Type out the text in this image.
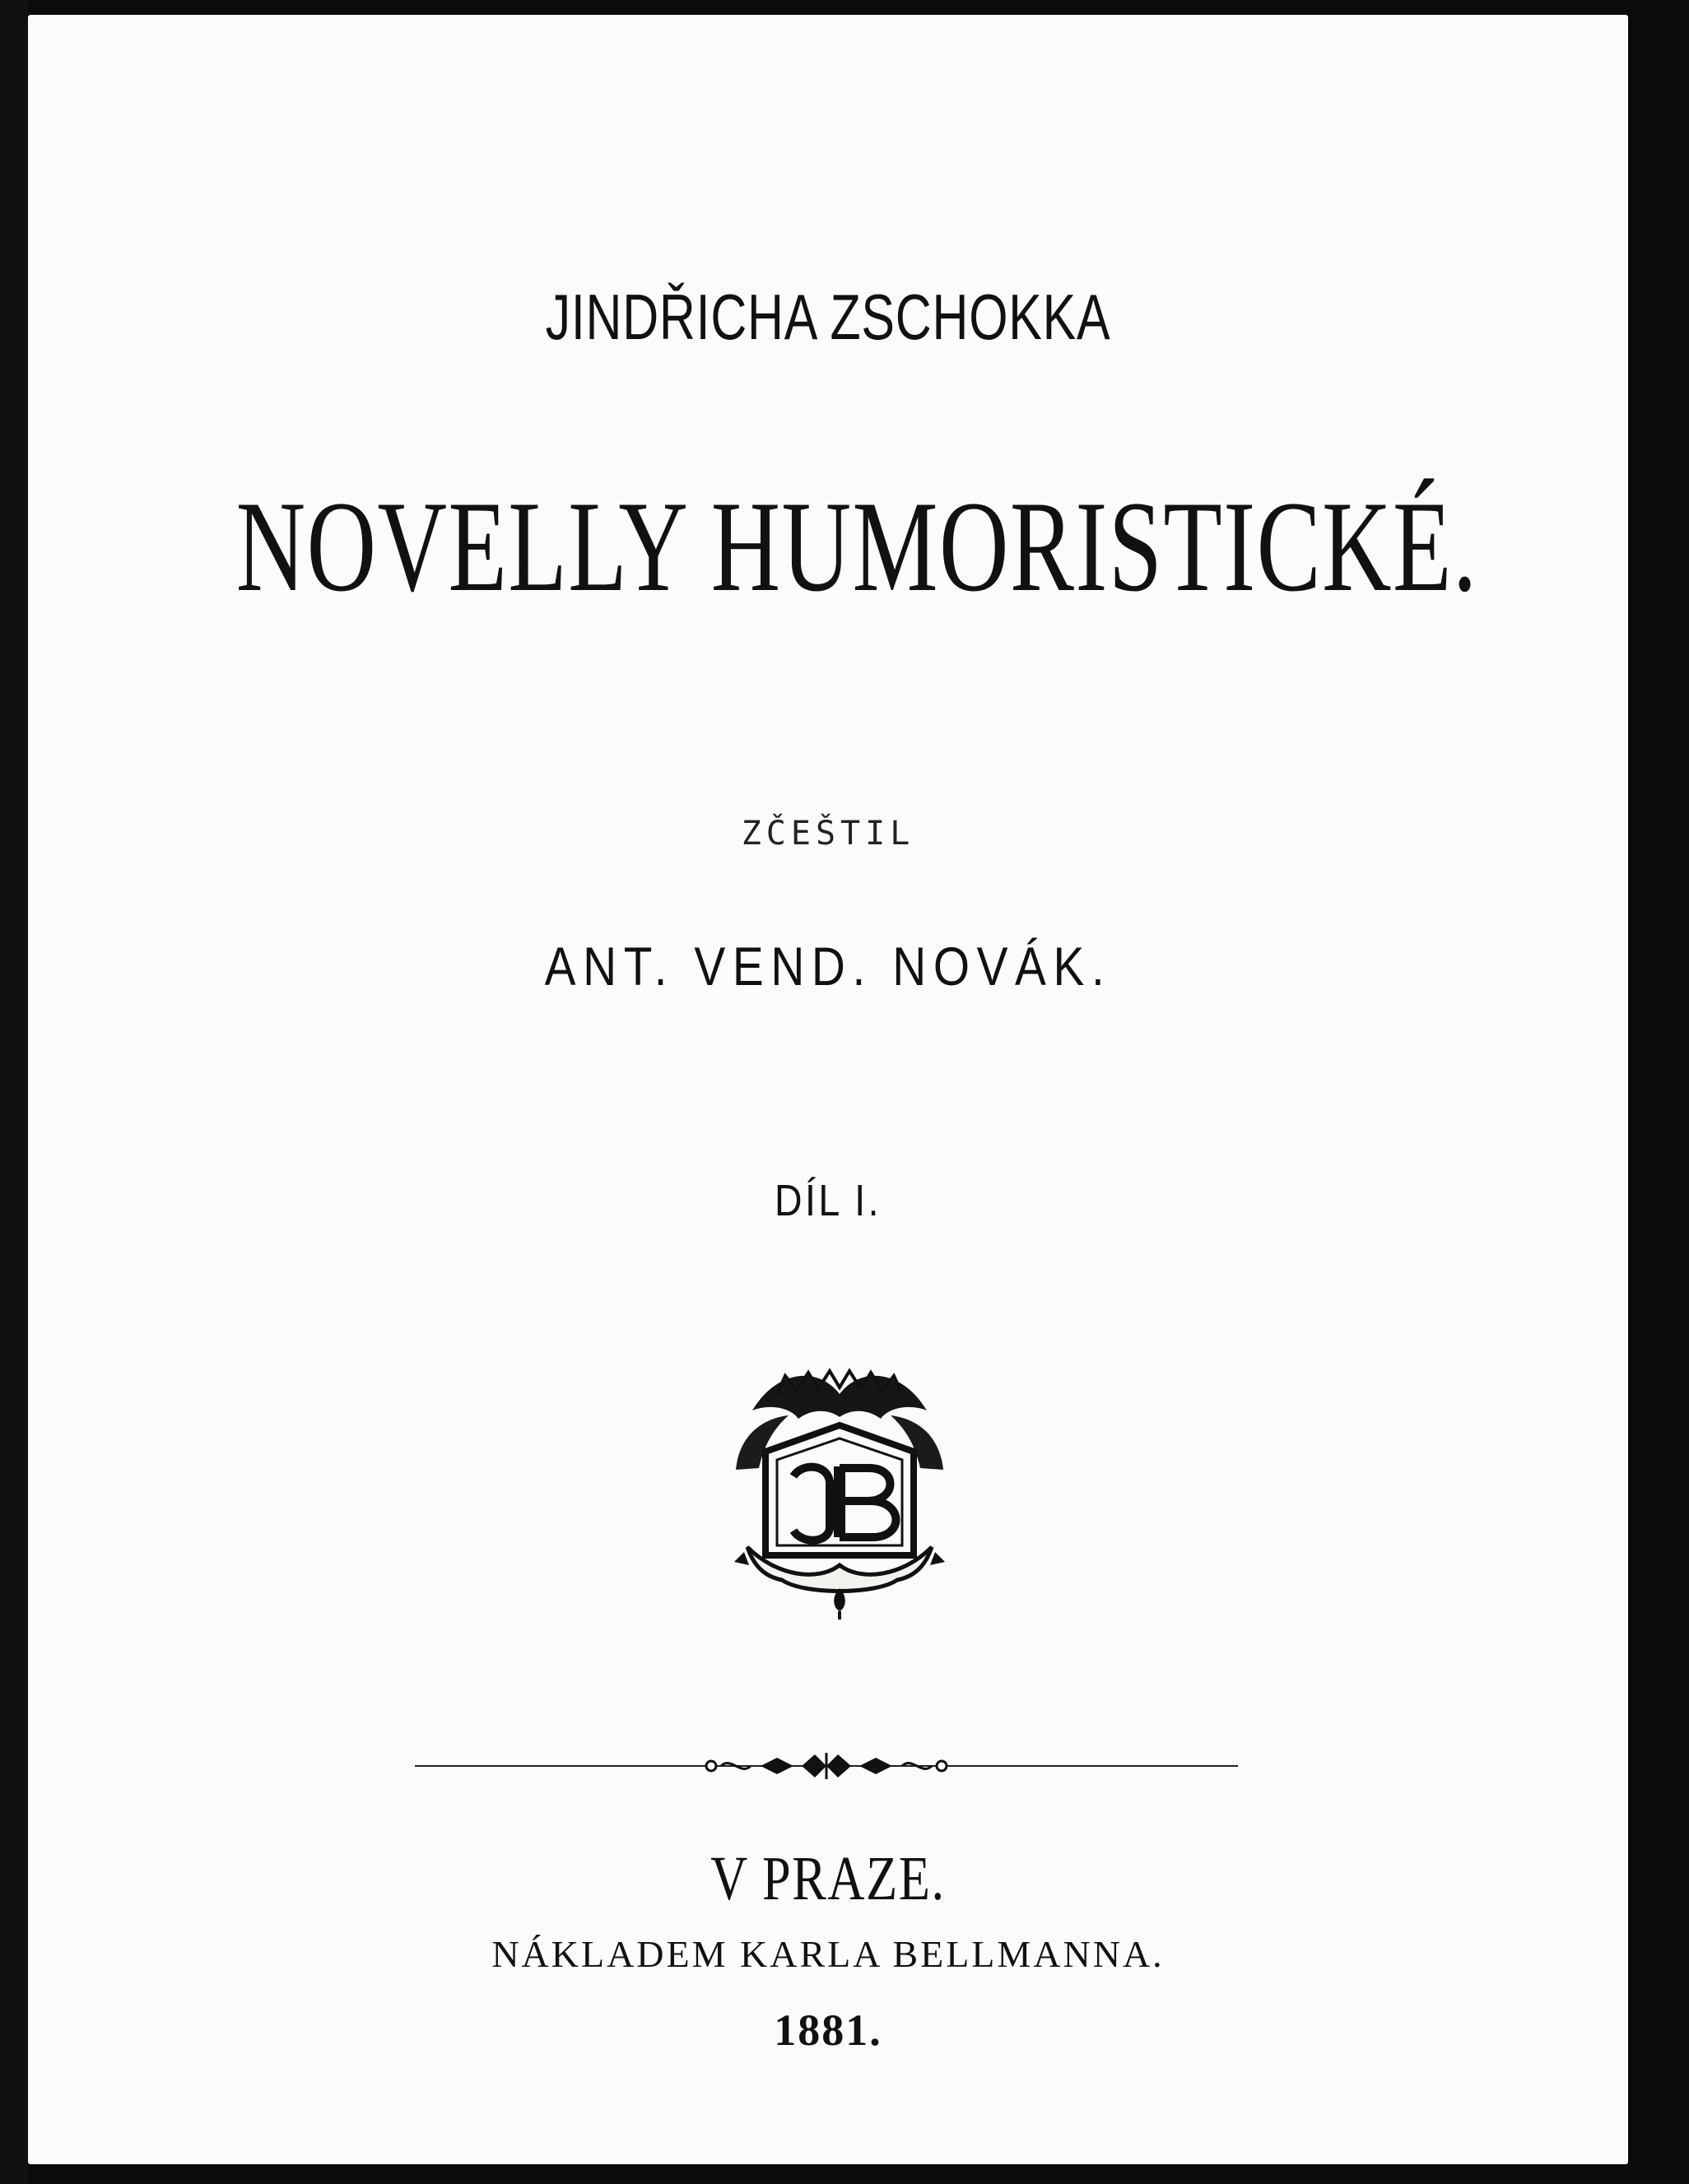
JINDŘICHA ZSCHOKKA
NOVELLY HUMORISTICKÉ.
ZČEŠTIL
ANT. VEND. NOVÁK.
DÍL I.
V PRAZE.
NÁKLADEM KARLA BELLMANNA.
1881.
